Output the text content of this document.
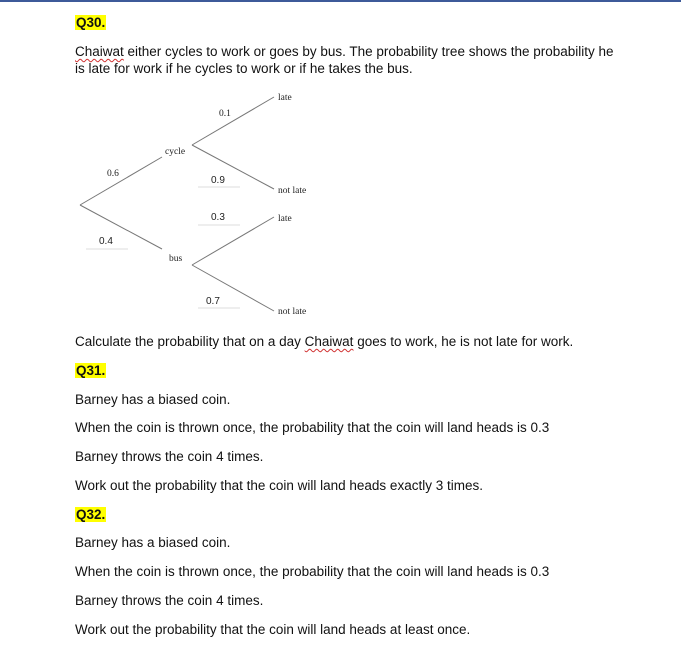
Q30.
Chaiwat either cycles to work or goes by bus. The probability tree shows the probability he
is late for work if he cycles to work or if he takes the bus.
0.6
0.4
cycle
bus
0.1
late
0.9
not late
0.3	late
0.7
not late
Calculate the probability that on a day Chaiwat goes to work, he is not late for work.
Q31.
Barney has a biased coin.
When the coin is thrown once, the probability that the coin will land heads is 0.3
Barney throws the coin 4 times.
Work out the probability that the coin will land heads exactly 3 times.
Q32.
Barney has a biased coin.
When the coin is thrown once, the probability that the coin will land heads is 0.3
Barney throws the coin 4 times.
Work out the probability that the coin will land heads at least once.
